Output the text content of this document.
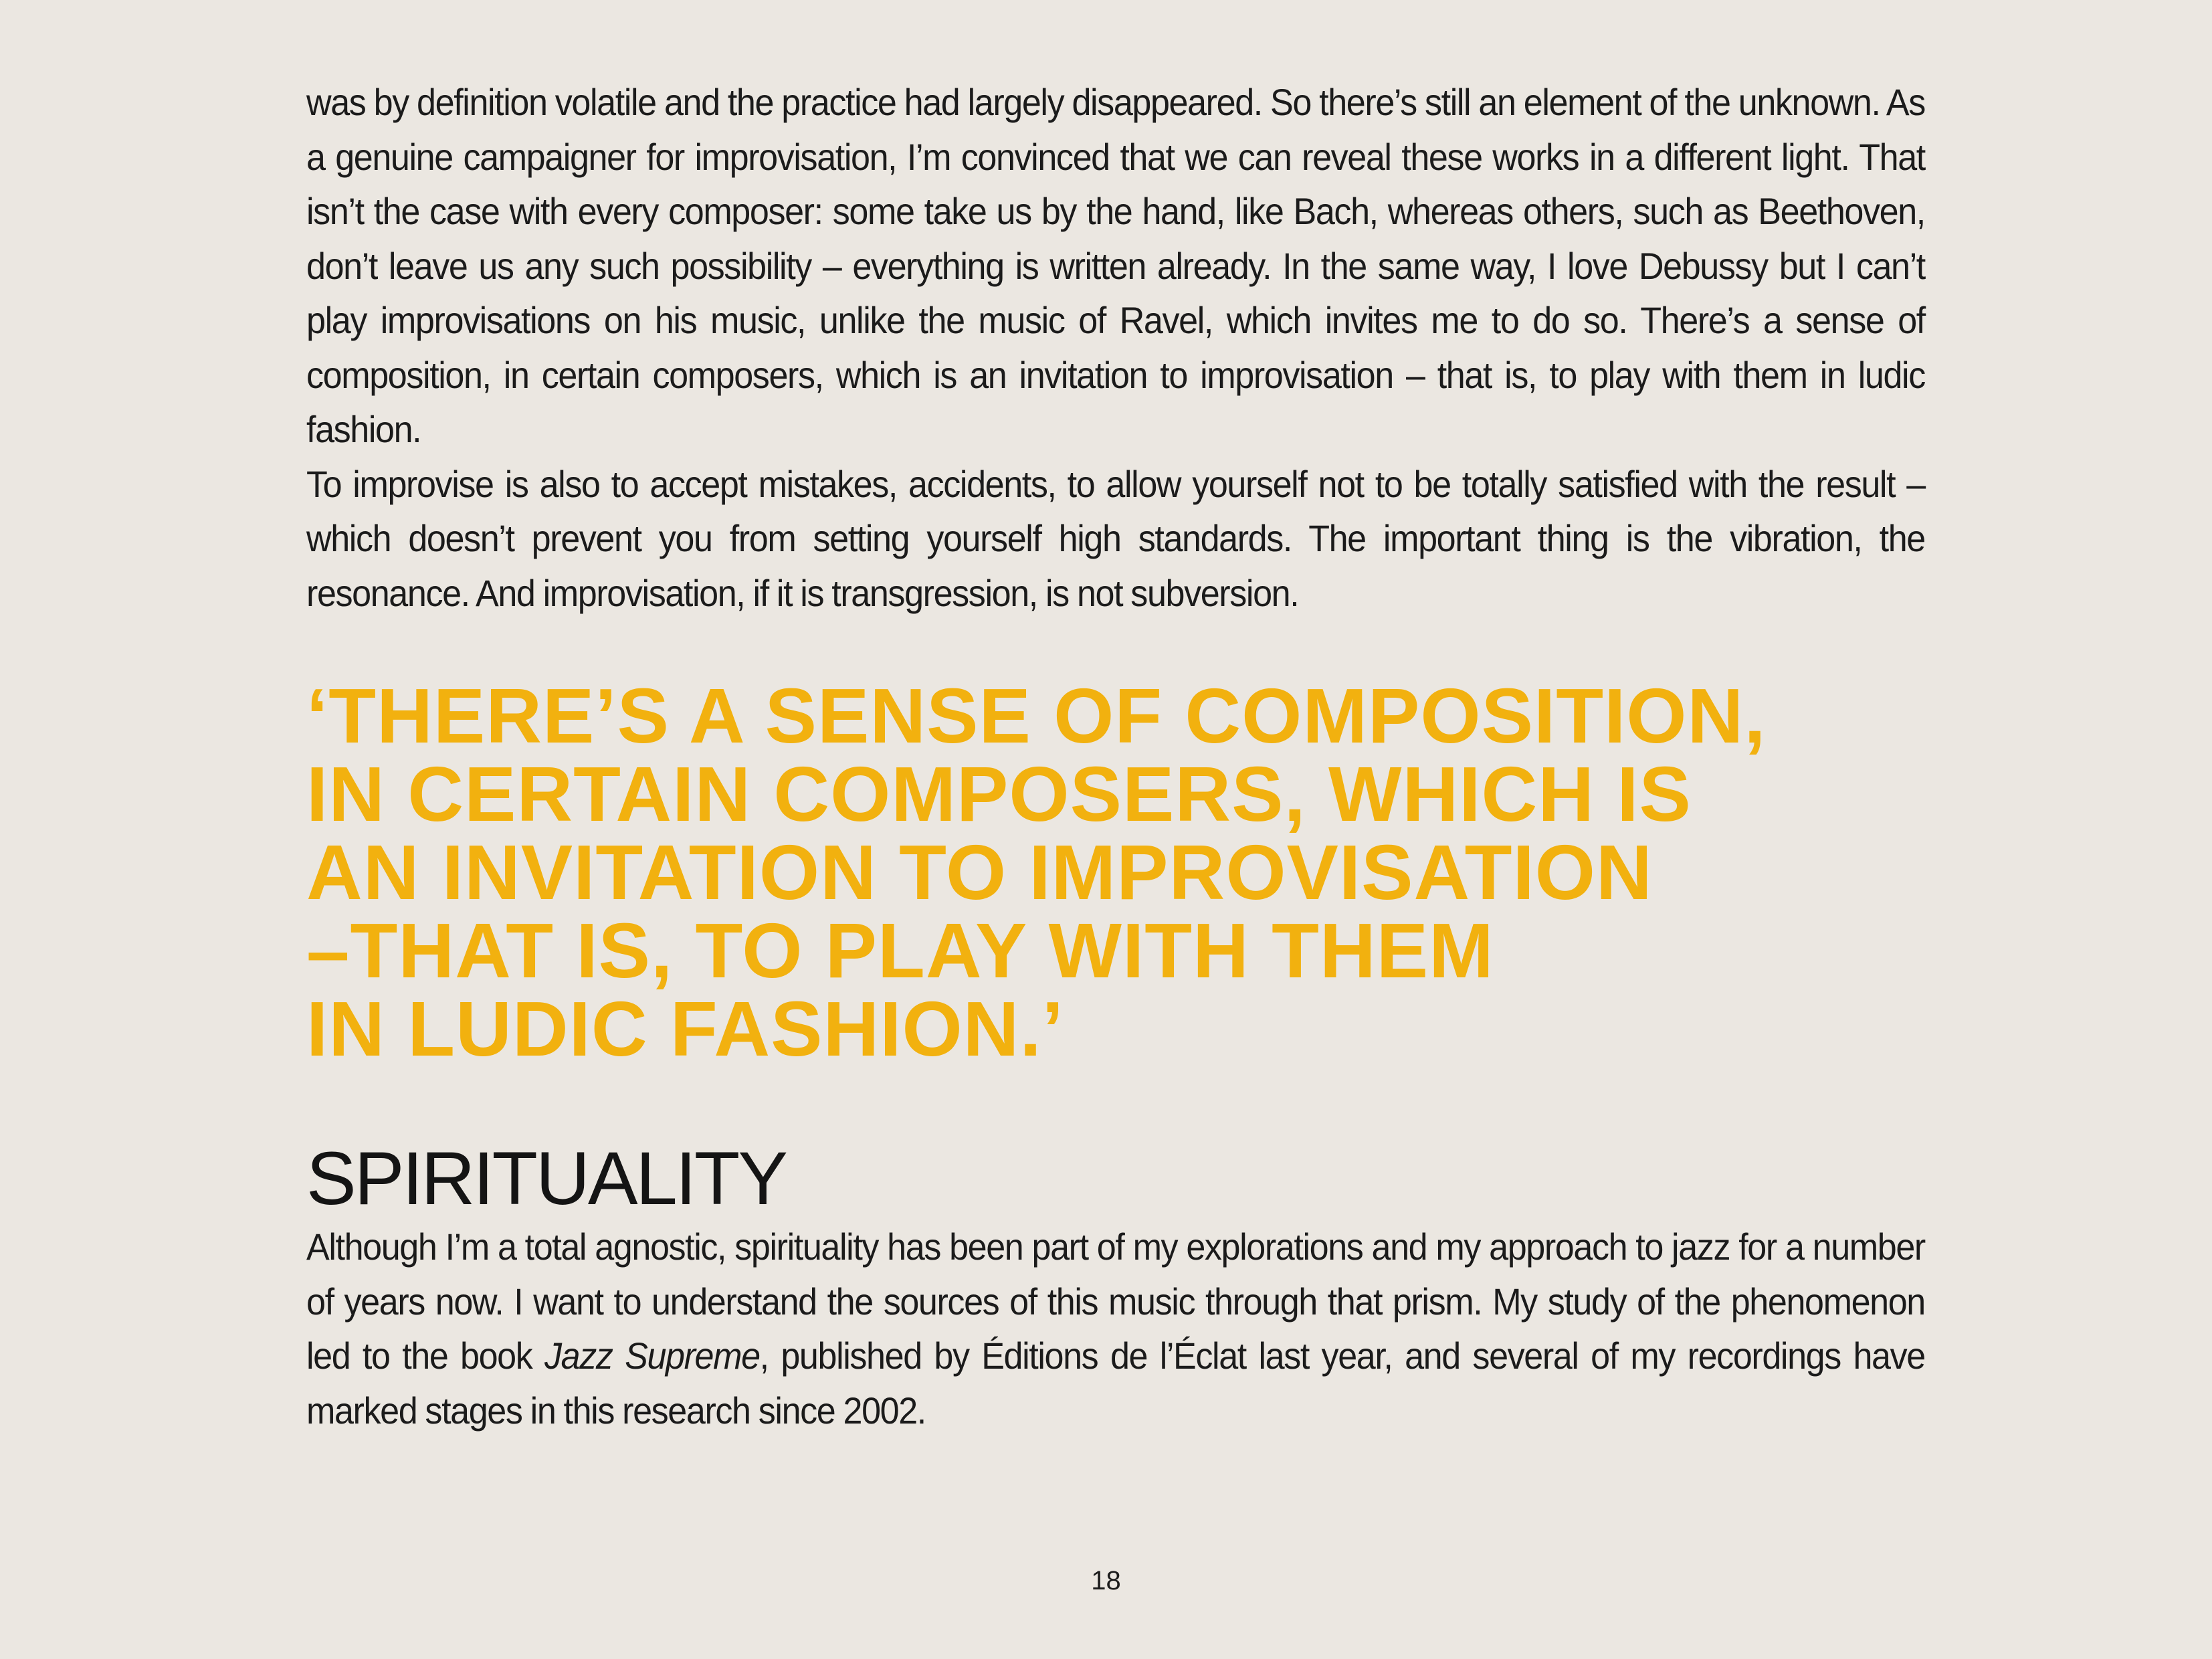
was by definition volatile and the practice had largely disappeared. So there’s still an element of the unknown. As a genuine campaigner for improvisation, I’m convinced that we can reveal these works in a different light. That isn’t the case with every composer: some take us by the hand, like Bach, whereas others, such as Beethoven, don’t leave us any such possibility – everything is written already. In the same way, I love Debussy but I can’t play improvisations on his music, unlike the music of Ravel, which invites me to do so. There’s a sense of composition, in certain composers, which is an invitation to improvisation – that is, to play with them in ludic fashion.

To improvise is also to accept mistakes, accidents, to allow yourself not to be totally satisfied with the result – which doesn’t prevent you from setting yourself high standards. The important thing is the vibration, the resonance. And improvisation, if it is transgression, is not subversion.

‘THERE’S A SENSE OF COMPOSITION,
IN CERTAIN COMPOSERS, WHICH IS
AN INVITATION TO IMPROVISATION
–THAT IS, TO PLAY WITH THEM
IN LUDIC FASHION.’
SPIRITUALITY

Although I’m a total agnostic, spirituality has been part of my explorations and my approach to jazz for a number of years now. I want to understand the sources of this music through that prism. My study of the phenomenon led to the book Jazz Supreme, published by Éditions de l’Éclat last year, and several of my recordings have marked stages in this research since 2002.

18
